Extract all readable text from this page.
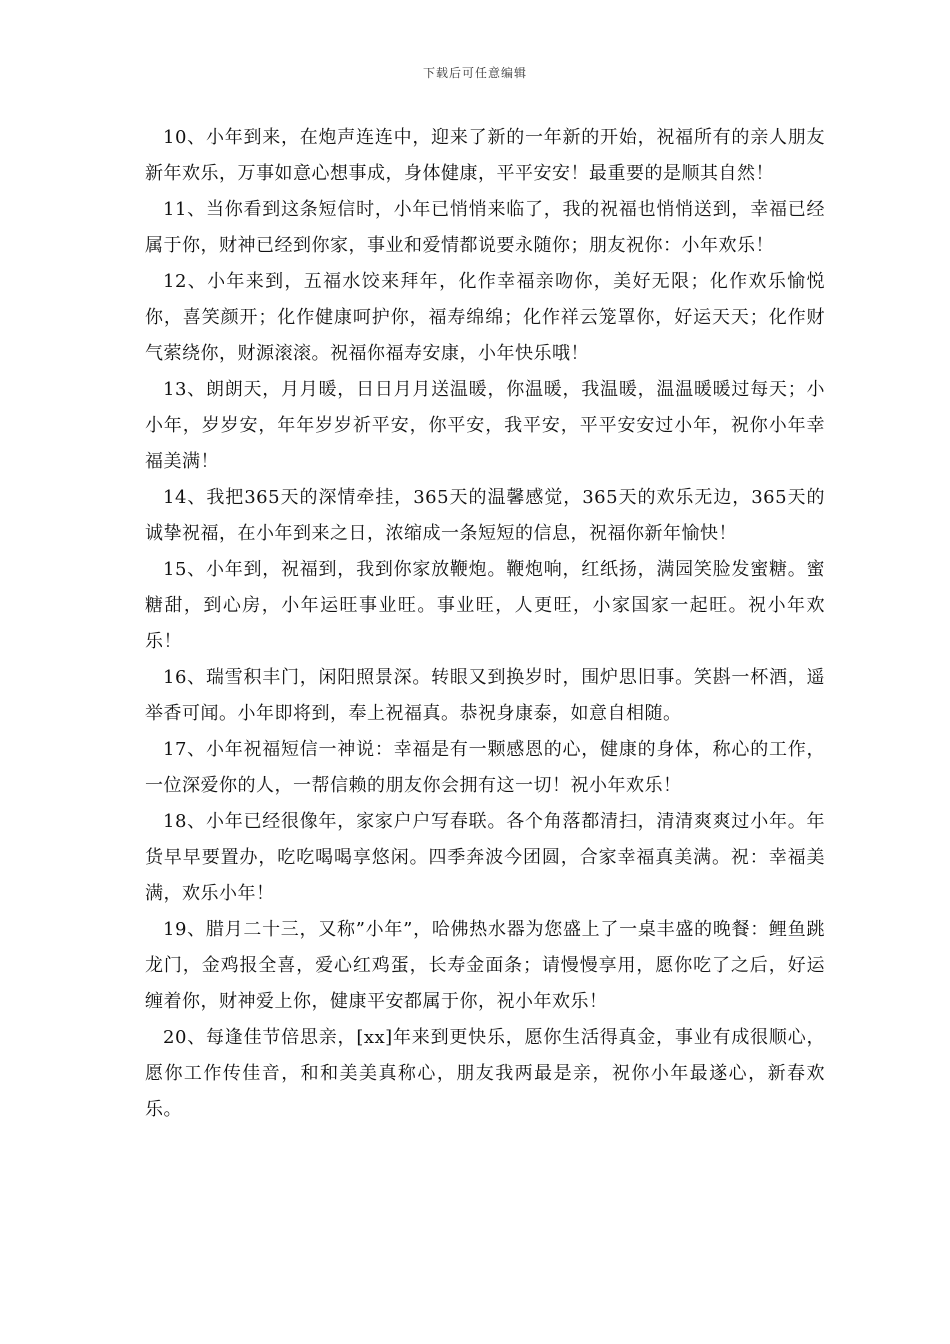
下载后可任意编辑

10、小年到来，在炮声连连中，迎来了新的一年新的开始，祝福所有的亲人朋友新年欢乐，万事如意心想事成，身体健康，平平安安！最重要的是顺其自然！

11、当你看到这条短信时，小年已悄悄来临了，我的祝福也悄悄送到，幸福已经属于你，财神已经到你家，事业和爱情都说要永随你；朋友祝你：小年欢乐！

12、小年来到，五福水饺来拜年，化作幸福亲吻你，美好无限；化作欢乐愉悦你，喜笑颜开；化作健康呵护你，福寿绵绵；化作祥云笼罩你，好运天天；化作财气萦绕你，财源滚滚。祝福你福寿安康，小年快乐哦！

13、朗朗天，月月暖，日日月月送温暖，你温暖，我温暖，温温暖暖过每天；小小年，岁岁安，年年岁岁祈平安，你平安，我平安，平平安安过小年，祝你小年幸福美满！

14、我把365天的深情牵挂，365天的温馨感觉，365天的欢乐无边，365天的诚挚祝福，在小年到来之日，浓缩成一条短短的信息，祝福你新年愉快！

15、小年到，祝福到，我到你家放鞭炮。鞭炮响，红纸扬，满园笑脸发蜜糖。蜜糖甜，到心房，小年运旺事业旺。事业旺，人更旺，小家国家一起旺。祝小年欢乐！

16、瑞雪积丰门，闲阳照景深。转眼又到换岁时，围炉思旧事。笑斟一杯酒，遥举香可闻。小年即将到，奉上祝福真。恭祝身康泰，如意自相随。

17、小年祝福短信一神说：幸福是有一颗感恩的心，健康的身体，称心的工作，一位深爱你的人，一帮信赖的朋友你会拥有这一切！祝小年欢乐！

18、小年已经很像年，家家户户写春联。各个角落都清扫，清清爽爽过小年。年货早早要置办，吃吃喝喝享悠闲。四季奔波今团圆，合家幸福真美满。祝：幸福美满，欢乐小年！

19、腊月二十三，又称”小年”，哈佛热水器为您盛上了一桌丰盛的晚餐：鲤鱼跳龙门，金鸡报全喜，爱心红鸡蛋，长寿金面条；请慢慢享用，愿你吃了之后，好运缠着你，财神爱上你，健康平安都属于你，祝小年欢乐！

20、每逢佳节倍思亲，[xx]年来到更快乐，愿你生活得真金，事业有成很顺心，愿你工作传佳音，和和美美真称心，朋友我两最是亲，祝你小年最遂心，新春欢乐。
